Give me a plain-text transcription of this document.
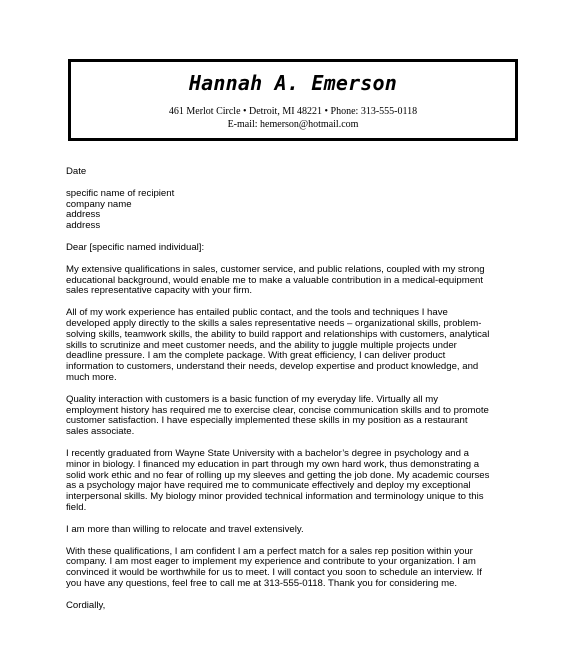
Hannah A. Emerson
461 Merlot Circle • Detroit, MI 48221 • Phone: 313-555-0118
E-mail: hemerson@hotmail.com

Date

specific name of recipient
company name
address
address

Dear [specific named individual]:

My extensive qualifications in sales, customer service, and public relations, coupled with my strong
educational background, would enable me to make a valuable contribution in a medical-equipment
sales representative capacity with your firm.

All of my work experience has entailed public contact, and the tools and techniques I have
developed apply directly to the skills a sales representative needs – organizational skills, problem-
solving skills, teamwork skills, the ability to build rapport and relationships with customers, analytical
skills to scrutinize and meet customer needs, and the ability to juggle multiple projects under
deadline pressure. I am the complete package. With great efficiency, I can deliver product
information to customers, understand their needs, develop expertise and product knowledge, and
much more.

Quality interaction with customers is a basic function of my everyday life. Virtually all my
employment history has required me to exercise clear, concise communication skills and to promote
customer satisfaction. I have especially implemented these skills in my position as a restaurant
sales associate.

I recently graduated from Wayne State University with a bachelor’s degree in psychology and a
minor in biology. I financed my education in part through my own hard work, thus demonstrating a
solid work ethic and no fear of rolling up my sleeves and getting the job done. My academic courses
as a psychology major have required me to communicate effectively and deploy my exceptional
interpersonal skills. My biology minor provided technical information and terminology unique to this
field.

I am more than willing to relocate and travel extensively.

With these qualifications, I am confident I am a perfect match for a sales rep position within your
company. I am most eager to implement my experience and contribute to your organization. I am
convinced it would be worthwhile for us to meet. I will contact you soon to schedule an interview. If
you have any questions, feel free to call me at 313-555-0118. Thank you for considering me.

Cordially,
